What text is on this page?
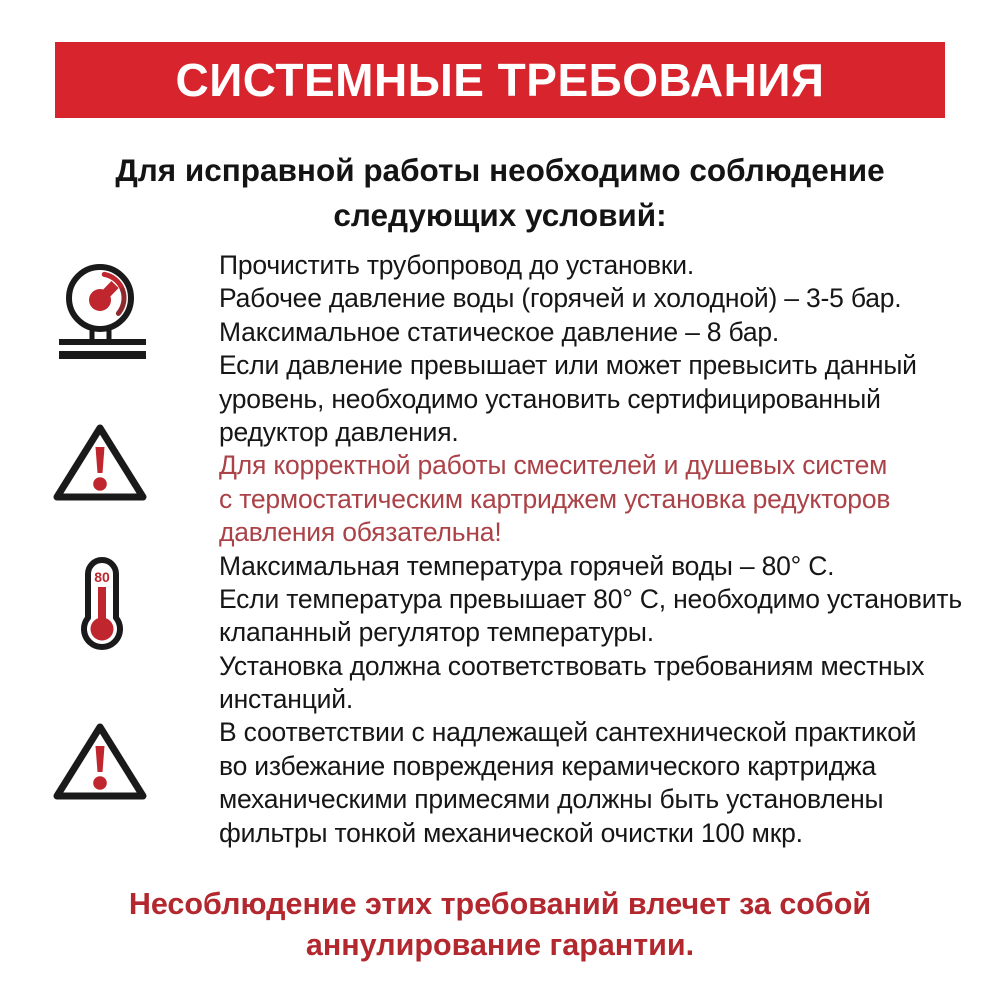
СИСТЕМНЫЕ ТРЕБОВАНИЯ
Для исправной работы необходимо соблюдение
следующих условий:
80
Прочистить трубопровод до установки.
Рабочее давление воды (горячей и холодной) – 3-5 бар.
Максимальное статическое давление – 8 бар.
Если давление превышает или может превысить данный
уровень, необходимо установить сертифицированный
редуктор давления.
Для корректной работы смесителей и душевых систем
с термостатическим картриджем установка редукторов
давления обязательна!
Максимальная температура горячей воды – 80° C.
Если температура превышает 80° C, необходимо установить
клапанный регулятор температуры.
Установка должна соответствовать требованиям местных
инстанций.
В соответствии с надлежащей сантехнической практикой
во избежание повреждения керамического картриджа
механическими примесями должны быть установлены
фильтры тонкой механической очистки 100 мкр.
Несоблюдение этих требований влечет за собой
аннулирование гарантии.
